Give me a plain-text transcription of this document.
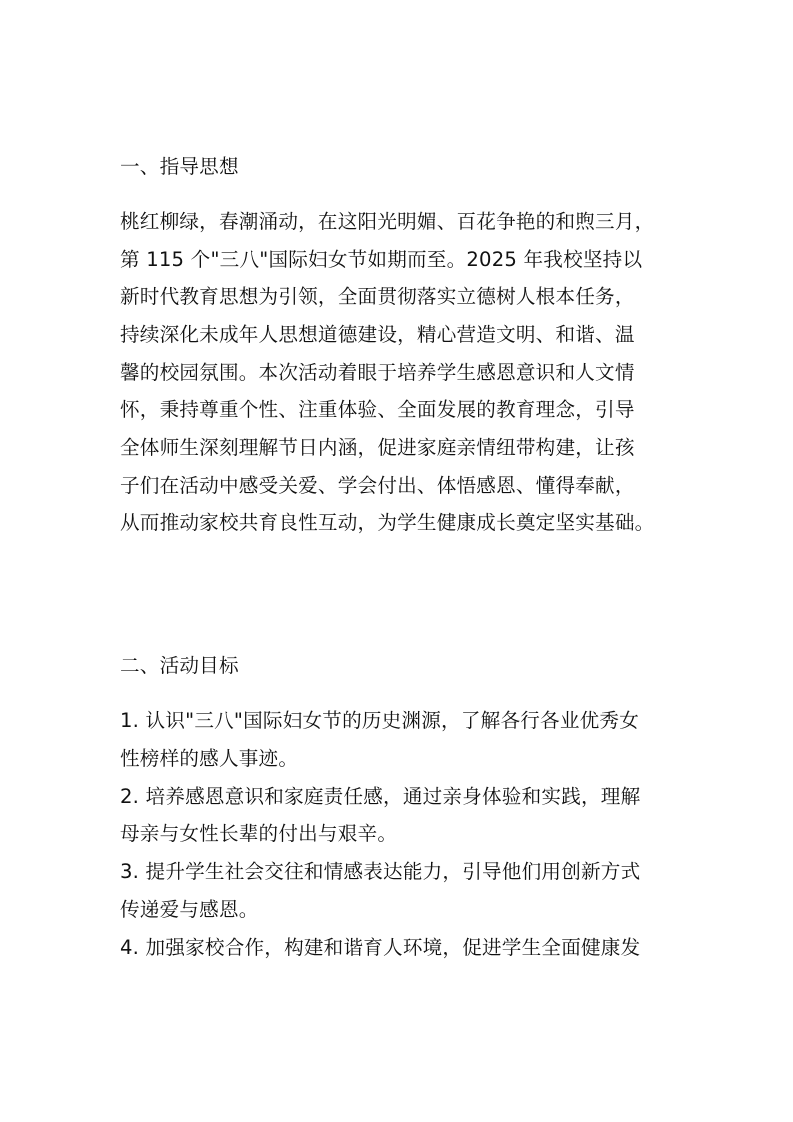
一、指导思想
桃红柳绿，春潮涌动，在这阳光明媚、百花争艳的和煦三月，
第 115 个"三八"国际妇女节如期而至。2025 年我校坚持以
新时代教育思想为引领，全面贯彻落实立德树人根本任务，
持续深化未成年人思想道德建设，精心营造文明、和谐、温
馨的校园氛围。本次活动着眼于培养学生感恩意识和人文情
怀，秉持尊重个性、注重体验、全面发展的教育理念，引导
全体师生深刻理解节日内涵，促进家庭亲情纽带构建，让孩
子们在活动中感受关爱、学会付出、体悟感恩、懂得奉献，
从而推动家校共育良性互动，为学生健康成长奠定坚实基础。
二、活动目标
1. 认识"三八"国际妇女节的历史渊源，了解各行各业优秀女
性榜样的感人事迹。
2. 培养感恩意识和家庭责任感，通过亲身体验和实践，理解
母亲与女性长辈的付出与艰辛。
3. 提升学生社会交往和情感表达能力，引导他们用创新方式
传递爱与感恩。
4. 加强家校合作，构建和谐育人环境，促进学生全面健康发
